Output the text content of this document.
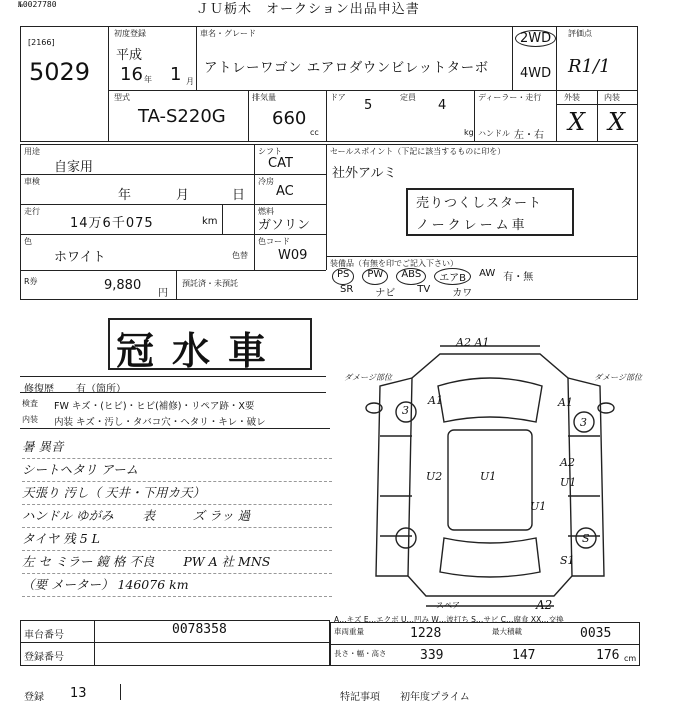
№0027780	ＪＵ栃木　オークション出品申込書
[2166]
5029
初度登録
平成
16 年 1 月
車名・グレード
アトレーワゴン エアロダウンビレットターボ
2WD
4WD
評価点
R1/1
型式
TA-S220G
排気量
660
cc
ドア
5
定員
4
ディーラー・走行
kg ハンドル 左・右
外装	内装
X X
用途
自家用
シフト
CAT
車検
年	月	日
冷房
AC
走行
14万6千075	km
燃料
ガソリン
色
ホワイト	色替
色コード
W09
セールスポイント（下記に該当するものに印を）
社外アルミ
売りつくしスタート
ノークレーム車
装備品（有無を印でご記入下さい）
PS	PW	ABS	エアB	AW 有・無
SR ナビ TV カワ
R券	9,880
円
預託済・未預託
冠水車
修復歴 有（箇所）
検査
内装
FW キズ・(ヒビ)・ヒビ(補修)・リペア跡・X要
内装 キズ・汚し・タバコ穴・ヘタリ・キレ・破レ
暑 異音
シートヘタリ アーム
天張り 汚し（ 天井・下用カ天）
ハンドル ゆがみ　　 表　　　ズ ラッ 過
タイヤ 残 5 L
左 セ ミラー 鏡 格 不良　　 PW A 社 MNS
（要 メーター） 146076 km
A2 A1
ダメージ部位	ダメージ部位
3
A1
U2	U1
A1
3
A2
U1
U1
S
S1
A2
スペア
A…キズ E…エクボ U…凹み W…波打ち S…サビ C…腐食 XX…交換
車台番号	0078358
登録番号
車両重量	1228	最大積載	0035
長さ・幅・高さ	339	147	176 cm
登録 13	特記事項 初年度プライム
